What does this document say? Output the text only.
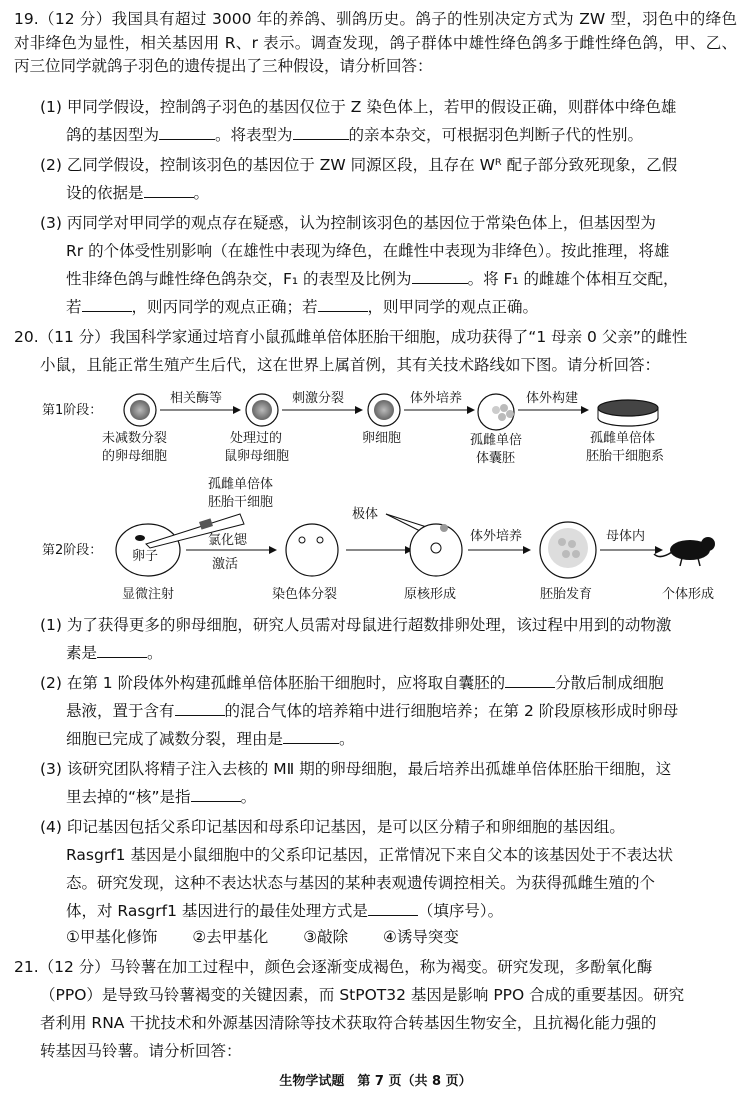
19.（12 分）我国具有超过 3000 年的养鸽、驯鸽历史。鸽子的性别决定方式为 ZW 型，羽色中的绛色对非绛色为显性，相关基因用 R、r 表示。调查发现，鸽子群体中雄性绛色鸽多于雌性绛色鸽，甲、乙、丙三位同学就鸽子羽色的遗传提出了三种假设，请分析回答：
(1) 甲同学假设，控制鸽子羽色的基因仅位于 Z 染色体上，若甲的假设正确，则群体中绛色雄
鸽的基因型为	。将表型为	的亲本杂交，可根据羽色判断子代的性别。
(2) 乙同学假设，控制该羽色的基因位于 ZW 同源区段，且存在 Wᴿ 配子部分致死现象，乙假
设的依据是	。
(3) 丙同学对甲同学的观点存在疑惑，认为控制该羽色的基因位于常染色体上，但基因型为
Rr 的个体受性别影响（在雄性中表现为绛色，在雌性中表现为非绛色）。按此推理，将雄
性非绛色鸽与雌性绛色鸽杂交，F₁ 的表型及比例为	。将 F₁ 的雌雄个体相互交配，
若	，则丙同学的观点正确；若	，则甲同学的观点正确。
20.（11 分）我国科学家通过培育小鼠孤雌单倍体胚胎干细胞，成功获得了“1 母亲 0 父亲”的雌性
小鼠，且能正常生殖产生后代，这在世界上属首例，其有关技术路线如下图。请分析回答：
第1阶段：
相关酶等	刺激分裂	体外培养	体外构建
未减数分裂
的卵母细胞
处理过的
鼠卵母细胞
卵细胞	孤雌单倍
体囊胚
孤雌单倍体
胚胎干细胞系
孤雌单倍体
胚胎干细胞
第2阶段： 卵子
氯化锶
激活
极体
体外培养	母体内
显微注射	染色体分裂	原核形成	胚胎发育	个体形成
(1) 为了获得更多的卵母细胞，研究人员需对母鼠进行超数排卵处理，该过程中用到的动物激
素是	。
(2) 在第 1 阶段体外构建孤雌单倍体胚胎干细胞时，应将取自囊胚的	分散后制成细胞
悬液，置于含有	的混合气体的培养箱中进行细胞培养；在第 2 阶段原核形成时卵母
细胞已完成了减数分裂，理由是	。
(3) 该研究团队将精子注入去核的 MⅡ 期的卵母细胞，最后培养出孤雄单倍体胚胎干细胞，这
里去掉的“核”是指	。
(4) 印记基因包括父系印记基因和母系印记基因，是可以区分精子和卵细胞的基因组。
Rasgrf1 基因是小鼠细胞中的父系印记基因，正常情况下来自父本的该基因处于不表达状
态。研究发现，这种不表达状态与基因的某种表观遗传调控相关。为获得孤雌生殖的个
体，对 Rasgrf1 基因进行的最佳处理方式是	（填序号）。
①甲基化修饰 ②去甲基化 ③敲除 ④诱导突变
21.（12 分）马铃薯在加工过程中，颜色会逐渐变成褐色，称为褐变。研究发现，多酚氧化酶
（PPO）是导致马铃薯褐变的关键因素，而 StPOT32 基因是影响 PPO 合成的重要基因。研究
者利用 RNA 干扰技术和外源基因清除等技术获取符合转基因生物安全，且抗褐化能力强的
转基因马铃薯。请分析回答：
生物学试题　第 7 页（共 8 页）
